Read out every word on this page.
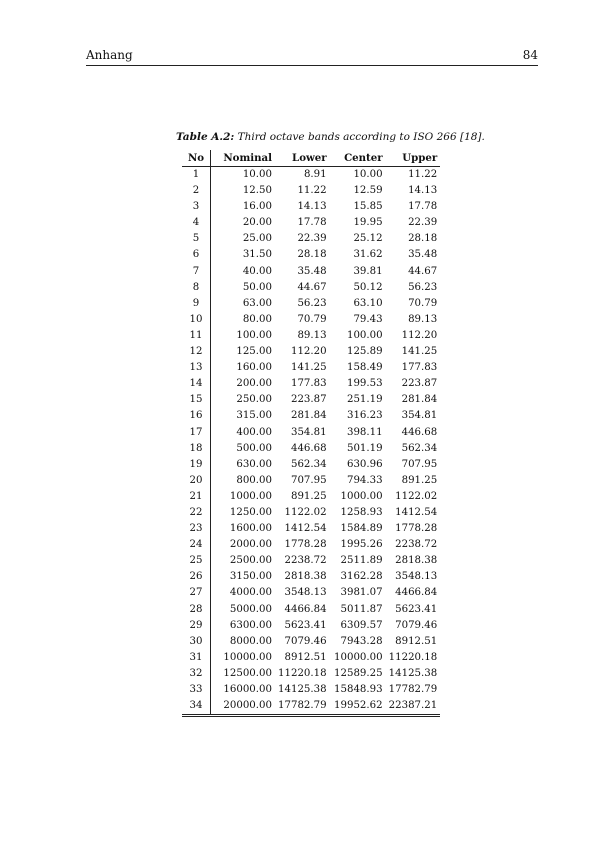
Anhang	84
Table A.2: Third octave bands according to ISO 266 [18].
No	Nominal	Lower	Center	Upper
1	10.00	8.91	10.00	11.22
2	12.50	11.22	12.59	14.13
3	16.00	14.13	15.85	17.78
4	20.00	17.78	19.95	22.39
5	25.00	22.39	25.12	28.18
6	31.50	28.18	31.62	35.48
7	40.00	35.48	39.81	44.67
8	50.00	44.67	50.12	56.23
9	63.00	56.23	63.10	70.79
10	80.00	70.79	79.43	89.13
11	100.00	89.13	100.00	112.20
12	125.00	112.20	125.89	141.25
13	160.00	141.25	158.49	177.83
14	200.00	177.83	199.53	223.87
15	250.00	223.87	251.19	281.84
16	315.00	281.84	316.23	354.81
17	400.00	354.81	398.11	446.68
18	500.00	446.68	501.19	562.34
19	630.00	562.34	630.96	707.95
20	800.00	707.95	794.33	891.25
21	1000.00	891.25	1000.00	1122.02
22	1250.00	1122.02	1258.93	1412.54
23	1600.00	1412.54	1584.89	1778.28
24	2000.00	1778.28	1995.26	2238.72
25	2500.00	2238.72	2511.89	2818.38
26	3150.00	2818.38	3162.28	3548.13
27	4000.00	3548.13	3981.07	4466.84
28	5000.00	4466.84	5011.87	5623.41
29	6300.00	5623.41	6309.57	7079.46
30	8000.00	7079.46	7943.28	8912.51
31	10000.00	8912.51	10000.00	11220.18
32	12500.00	11220.18	12589.25	14125.38
33	16000.00	14125.38	15848.93	17782.79
34	20000.00	17782.79	19952.62	22387.21
